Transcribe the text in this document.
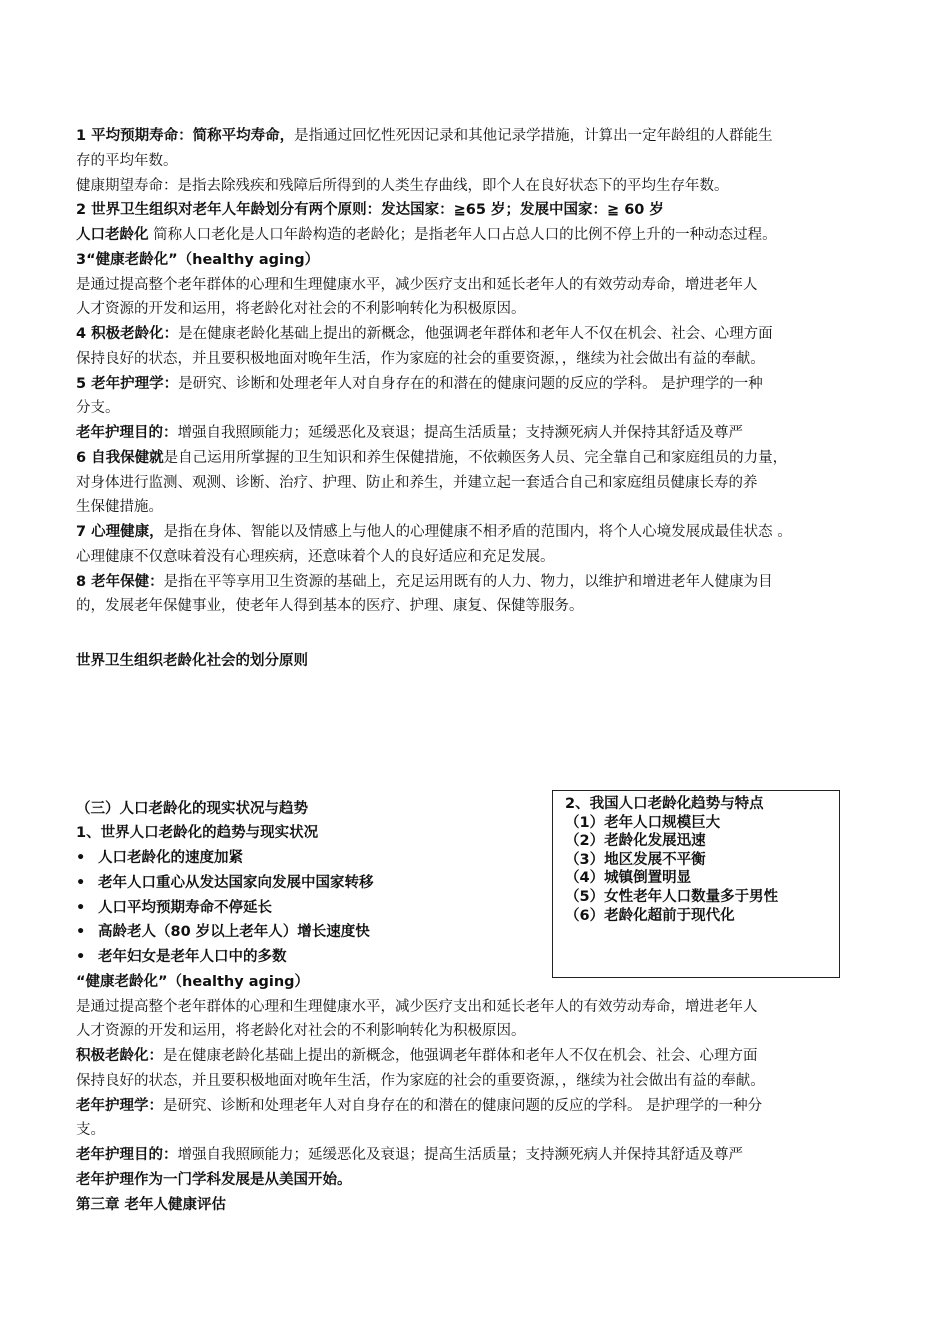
1 平均预期寿命：简称平均寿命，是指通过回忆性死因记录和其他记录学措施，计算出一定年龄组的人群能生
存的平均年数。
健康期望寿命：是指去除残疾和残障后所得到的人类生存曲线，即个人在良好状态下的平均生存年数。
2 世界卫生组织对老年人年龄划分有两个原则：发达国家：≧65 岁；发展中国家：≧ 60 岁
人口老龄化 简称人口老化是人口年龄构造的老龄化；是指老年人口占总人口的比例不停上升的一种动态过程。
3“健康老龄化”（healthy aging）
是通过提高整个老年群体的心理和生理健康水平，减少医疗支出和延长老年人的有效劳动寿命，增进老年人
人才资源的开发和运用，将老龄化对社会的不利影响转化为积极原因。
4 积极老龄化：是在健康老龄化基础上提出的新概念，他强调老年群体和老年人不仅在机会、社会、心理方面
保持良好的状态，并且要积极地面对晚年生活，作为家庭的社会的重要资源，，继续为社会做出有益的奉献。
5 老年护理学：是研究、诊断和处理老年人对自身存在的和潜在的健康问题的反应的学科。 是护理学的一种
分支。
老年护理目的：增强自我照顾能力；延缓恶化及衰退；提高生活质量；支持濒死病人并保持其舒适及尊严
6 自我保健就是自己运用所掌握的卫生知识和养生保健措施，不依赖医务人员、完全靠自己和家庭组员的力量，
对身体进行监测、观测、诊断、治疗、护理、防止和养生，并建立起一套适合自己和家庭组员健康长寿的养
生保健措施。
7 心理健康，是指在身体、智能以及情感上与他人的心理健康不相矛盾的范围内，将个人心境发展成最佳状态 。
心理健康不仅意味着没有心理疾病，还意味着个人的良好适应和充足发展。
8 老年保健：是指在平等享用卫生资源的基础上，充足运用既有的人力、物力，以维护和增进老年人健康为目
的，发展老年保健事业，使老年人得到基本的医疗、护理、康复、保健等服务。
世界卫生组织老龄化社会的划分原则
（三）人口老龄化的现实状况与趋势
1、世界人口老龄化的趋势与现实状况
• 人口老龄化的速度加紧
• 老年人口重心从发达国家向发展中国家转移
• 人口平均预期寿命不停延长
• 高龄老人（80 岁以上老年人）增长速度快
• 老年妇女是老年人口中的多数
“健康老龄化”（healthy aging）
是通过提高整个老年群体的心理和生理健康水平，减少医疗支出和延长老年人的有效劳动寿命，增进老年人
人才资源的开发和运用，将老龄化对社会的不利影响转化为积极原因。
积极老龄化：是在健康老龄化基础上提出的新概念，他强调老年群体和老年人不仅在机会、社会、心理方面
保持良好的状态，并且要积极地面对晚年生活，作为家庭的社会的重要资源，，继续为社会做出有益的奉献。
老年护理学：是研究、诊断和处理老年人对自身存在的和潜在的健康问题的反应的学科。 是护理学的一种分
支。
老年护理目的：增强自我照顾能力；延缓恶化及衰退；提高生活质量；支持濒死病人并保持其舒适及尊严
老年护理作为一门学科发展是从美国开始。
第三章 老年人健康评估
2、我国人口老龄化趋势与特点
（1）老年人口规模巨大
（2）老龄化发展迅速
（3）地区发展不平衡
（4）城镇倒置明显
（5）女性老年人口数量多于男性
（6）老龄化超前于现代化
